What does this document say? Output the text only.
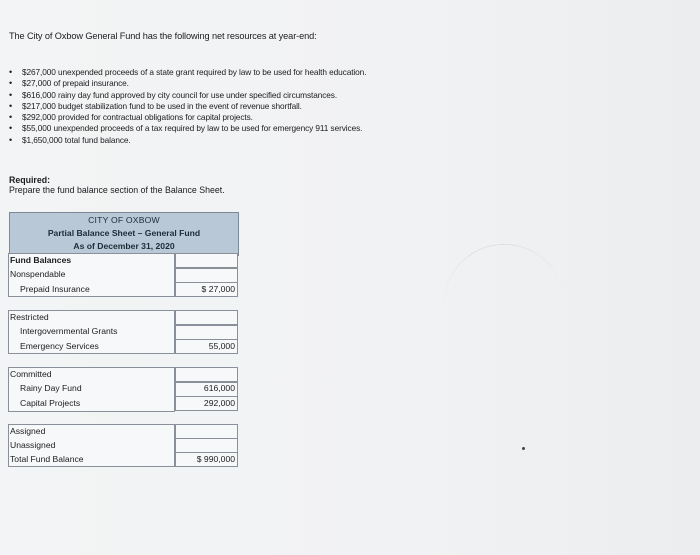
The City of Oxbow General Fund has the following net resources at year-end:
• $267,000 unexpended proceeds of a state grant required by law to be used for health education.
• $27,000 of prepaid insurance.
• $616,000 rainy day fund approved by city council for use under specified circumstances.
• $217,000 budget stabilization fund to be used in the event of revenue shortfall.
• $292,000 provided for contractual obligations for capital projects.
• $55,000 unexpended proceeds of a tax required by law to be used for emergency 911 services.
• $1,650,000 total fund balance.
Required:
Prepare the fund balance section of the Balance Sheet.
CITY OF OXBOW
Partial Balance Sheet – General Fund
As of December 31, 2020
Fund Balances
Nonspendable
Prepaid Insurance
Restricted
Intergovernmental Grants
Emergency Services
Committed
Rainy Day Fund
Capital Projects
Assigned
Unassigned
Total Fund Balance
$ 27,000
55,000
616,000
292,000
$ 990,000
